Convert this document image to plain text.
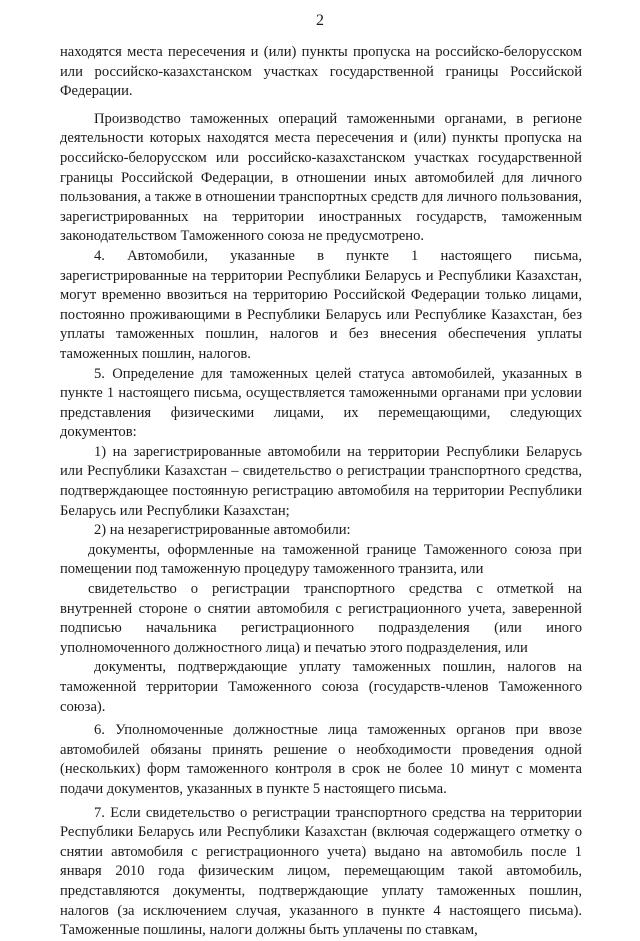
2

находятся места пересечения и (или) пункты пропуска на российско-белорусском или российско-казахстанском участках государственной границы Российской Федерации.

Производство таможенных операций таможенными органами, в регионе деятельности которых находятся места пересечения и (или) пункты пропуска на российско-белорусском или российско-казахстанском участках государственной границы Российской Федерации, в отношении иных автомобилей для личного пользования, а также в отношении транспортных средств для личного пользования, зарегистрированных на территории иностранных государств, таможенным законодательством Таможенного союза не предусмотрено.

4. Автомобили, указанные в пункте 1 настоящего письма, зарегистрированные на территории Республики Беларусь и Республики Казахстан, могут временно ввозиться на территорию Российской Федерации только лицами, постоянно проживающими в Республики Беларусь или Республике Казахстан, без уплаты таможенных пошлин, налогов и без внесения обеспечения уплаты таможенных пошлин, налогов.

5. Определение для таможенных целей статуса автомобилей, указанных в пункте 1 настоящего письма, осуществляется таможенными органами при условии представления физическими лицами, их перемещающими, следующих документов:

1) на зарегистрированные автомобили на территории Республики Беларусь или Республики Казахстан – свидетельство о регистрации транспортного средства, подтверждающее постоянную регистрацию автомобиля на территории Республики Беларусь или Республики Казахстан;

2) на незарегистрированные автомобили:

документы, оформленные на таможенной границе Таможенного союза при помещении под таможенную процедуру таможенного транзита, или

свидетельство о регистрации транспортного средства с отметкой на внутренней стороне о снятии автомобиля с регистрационного учета, заверенной подписью начальника регистрационного подразделения (или иного уполномоченного должностного лица) и печатью этого подразделения, или

документы, подтверждающие уплату таможенных пошлин, налогов на таможенной территории Таможенного союза (государств-членов Таможенного союза).

6. Уполномоченные должностные лица таможенных органов при ввозе автомобилей обязаны принять решение о необходимости проведения одной (нескольких) форм таможенного контроля в срок не более 10 минут с момента подачи документов, указанных в пункте 5 настоящего письма.

7. Если свидетельство о регистрации транспортного средства на территории Республики Беларусь или Республики Казахстан (включая содержащего отметку о снятии автомобиля с регистрационного учета) выдано на автомобиль после 1 января 2010 года физическим лицом, перемещающим такой автомобиль, представляются документы, подтверждающие уплату таможенных пошлин, налогов (за исключением случая, указанного в пункте 4 настоящего письма). Таможенные пошлины, налоги должны быть уплачены по ставкам,
